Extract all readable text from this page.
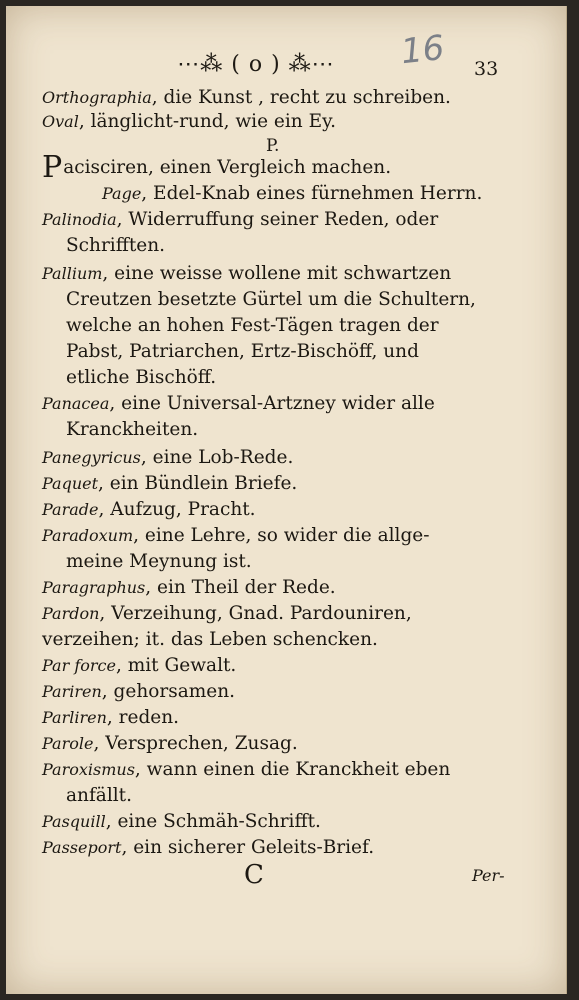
⋯⁂ ( o ) ⁂⋯	16 33
Orthographia, die Kunst , recht zu schreiben.
Oval, länglicht-rund, wie ein Ey.
P.
Pacisciren, einen Vergleich machen.
Page, Edel-Knab eines fürnehmen Herrn.
Palinodia, Widerruffung seiner Reden, oder
Schrifften.
Pallium, eine weisse wollene mit schwartzen
Creutzen besetzte Gürtel um die Schultern,
welche an hohen Fest-Tägen tragen der
Pabst, Patriarchen, Ertz-Bischöff, und
etliche Bischöff.
Panacea, eine Universal-Artzney wider alle
Kranckheiten.
Panegyricus, eine Lob-Rede.
Paquet, ein Bündlein Briefe.
Parade, Aufzug, Pracht.
Paradoxum, eine Lehre, so wider die allge-
meine Meynung ist.
Paragraphus, ein Theil der Rede.
Pardon, Verzeihung, Gnad. Pardouniren,
verzeihen; it. das Leben schencken.
Par force, mit Gewalt.
Pariren, gehorsamen.
Parliren, reden.
Parole, Versprechen, Zusag.
Paroxismus, wann einen die Kranckheit eben
anfällt.
Pasquill, eine Schmäh-Schrifft.
Passeport, ein sicherer Geleits-Brief.
C	Per-
